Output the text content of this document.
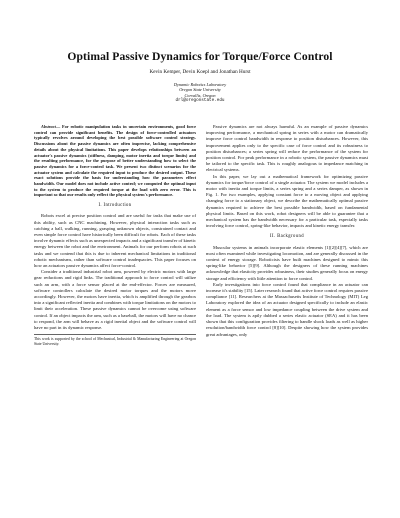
Optimal Passive Dynamics for Torque/Force Control
Kevin Kemper, Devin Koepl and Jonathan Hurst
Dynamic Robotics Laboratory
Oregon State University
Corvallis, Oregon
drl@oregonstate.edu

Abstract— For robotic manipulation tasks in uncertain environments, good force control can provide significant benefits. The design of force-controlled actuators typically revolves around developing the best possible software control strategy. Discussions about the passive dynamics are often imprecise, lacking comprehensive details about the physical limitations. This paper develops relationships between an actuator's passive dynamics (stiffness, damping, motor inertia and torque limits) and the resulting performance, for the purpose of better understanding how to select the passive dynamics for a force-control task. We present two distinct scenarios for the actuator system and calculate the required input to produce the desired output. These exact solutions provide the basis for understanding how the parameters effect bandwidth. Our model does not include active control; we computed the optimal input to the system to produce the required torque at the load with zero error. This is important so that our results only reflect the physical system's performance.

I. Introduction

Robots excel at precise position control and are useful for tasks that make use of this ability, such as CNC machining. However, physical interaction tasks such as catching a ball, walking, running, grasping unknown objects, constrained contact and even simple force control have historically been difficult for robots. Each of these tasks involve dynamic effects such as unexpected impacts and a significant transfer of kinetic energy between the robot and the environment. Animals for our perform robots at such tasks and we contend that this is due to inherent mechanical limitations in traditional robotic mechanisms, rather than software control inadequacies. This paper focuses on how an actuators passive dynamics affect force-control.

Consider a traditional industrial robot arm, powered by electric motors with large gear reductions and rigid links. The traditional approach to force control will utilize such an arm, with a force sensor placed at the end-effector. Forces are measured, software controllers calculate the desired motor torques and the motors move accordingly. However, the motors have inertia, which is amplified through the gearbox into a significant reflected inertia and combines with torque limitations on the motors to limit their acceleration. These passive dynamics cannot be overcome using software control. If an object impacts the arm, such as a baseball, the motors will have no chance to respond, the arm will behave as a rigid inertial object and the software control will have no part in its dynamic response.

This work is supported by the school of Mechanical, Industrial & Manufacturing Engineering at Oregon State University.

Passive dynamics are not always harmful. As an example of passive dynamics improving performance, a mechanical spring in series with a motor can dramatically improve force control bandwidth in response to position disturbances. However, this improvement applies only to the specific case of force control and its robustness to position disturbances; a series spring will reduce the performance of the system for position control. For peak performance in a robotic system, the passive dynamics must be tailored to the specific task. This is roughly analogous to impedance matching in electrical systems.

In this paper, we lay out a mathematical framework for optimizing passive dynamics for torque/force control of a single actuator. The system we model includes a motor with inertia and torque limits, a series spring and a series damper, as shown in Fig. 1. For two examples, applying constant force to a moving object and applying changing force to a stationary object, we describe the mathematically optimal passive dynamics required to achieve the best possible bandwidth, based on fundamental physical limits. Based on this work, robot designers will be able to guarantee that a mechanical system has the bandwidth necessary for a particular task, especially tasks involving force control, spring-like behavior, impacts and kinetic energy transfer.

II. Background

Muscular systems in animals incorporate elastic elements [1][2][4][7], which are most often examined while investigating locomotion, and are generally discussed in the context of energy storage. Roboticists have built machines designed to mimic this spring-like behavior [5][9]. Although the designers of these running machines acknowledge that elasticity provides robustness, their studies generally focus on energy storage and efficiency with little attention to force control.

Early investigations into force control found that compliance in an actuator can increase it's stability [15]. Later research found that active force control requires passive compliance [11]. Researchers at the Massachusetts Institute of Technology (MIT) Leg Laboratory explored the idea of an actuator designed specifically to include an elastic element as a force sensor and low impedance coupling between the drive system and the load. The system is aptly dubbed a series elastic actuator (SEA) and it has been shown that this configuration provides filtering to handle shock loads as well as higher resolution/bandwidth force control [8][10]. Despite showing how the system provides great advantages, only
